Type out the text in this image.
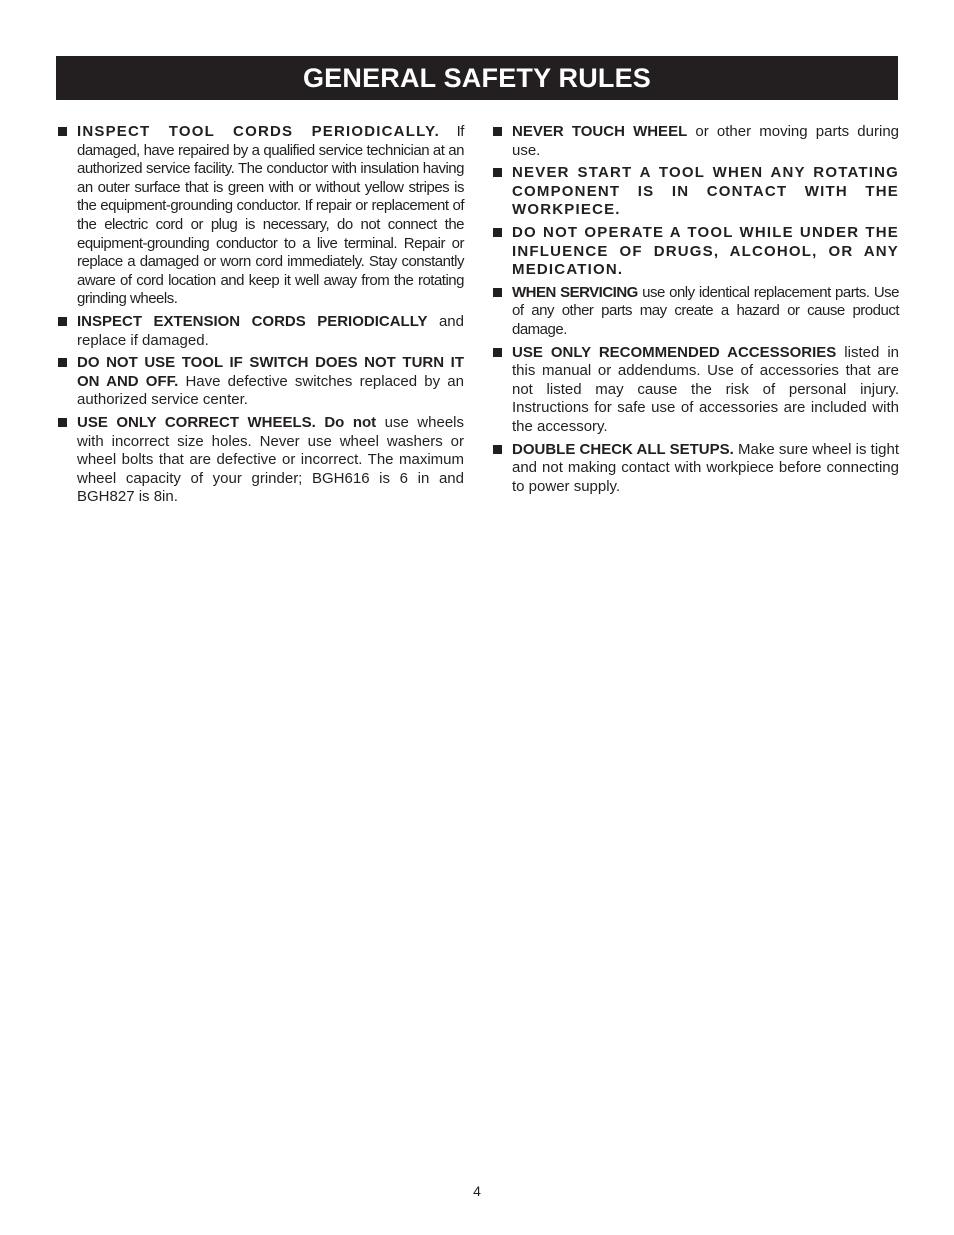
GENERAL SAFETY RULES
INSPECT TOOL CORDS PERIODICALLY. If damaged, have repaired by a qualified service technician at an authorized service facility. The conductor with insulation having an outer surface that is green with or without yellow stripes is the equipment-grounding conductor. If repair or replacement of the electric cord or plug is necessary, do not connect the equipment-grounding conductor to a live terminal. Repair or replace a damaged or worn cord immediately. Stay constantly aware of cord location and keep it well away from the rotating grinding wheels.
INSPECT EXTENSION CORDS PERIODICALLY and replace if damaged.
DO NOT USE TOOL IF SWITCH DOES NOT TURN IT ON AND OFF. Have defective switches replaced by an authorized service center.
USE ONLY CORRECT WHEELS. Do not use wheels with incorrect size holes. Never use wheel washers or wheel bolts that are defective or incorrect. The maximum wheel capacity of your grinder; BGH616 is 6 in and BGH827 is 8in.
NEVER TOUCH WHEEL or other moving parts during use.
NEVER START A TOOL WHEN ANY ROTATING COMPONENT IS IN CONTACT WITH THE WORKPIECE.
DO NOT OPERATE A TOOL WHILE UNDER THE INFLUENCE OF DRUGS, ALCOHOL, OR ANY MEDICATION.
WHEN SERVICING use only identical replacement parts. Use of any other parts may create a hazard or cause product damage.
USE ONLY RECOMMENDED ACCESSORIES listed in this manual or addendums. Use of accessories that are not listed may cause the risk of personal injury. Instructions for safe use of accessories are included with the accessory.
DOUBLE CHECK ALL SETUPS. Make sure wheel is tight and not making contact with workpiece before connecting to power supply.
4
